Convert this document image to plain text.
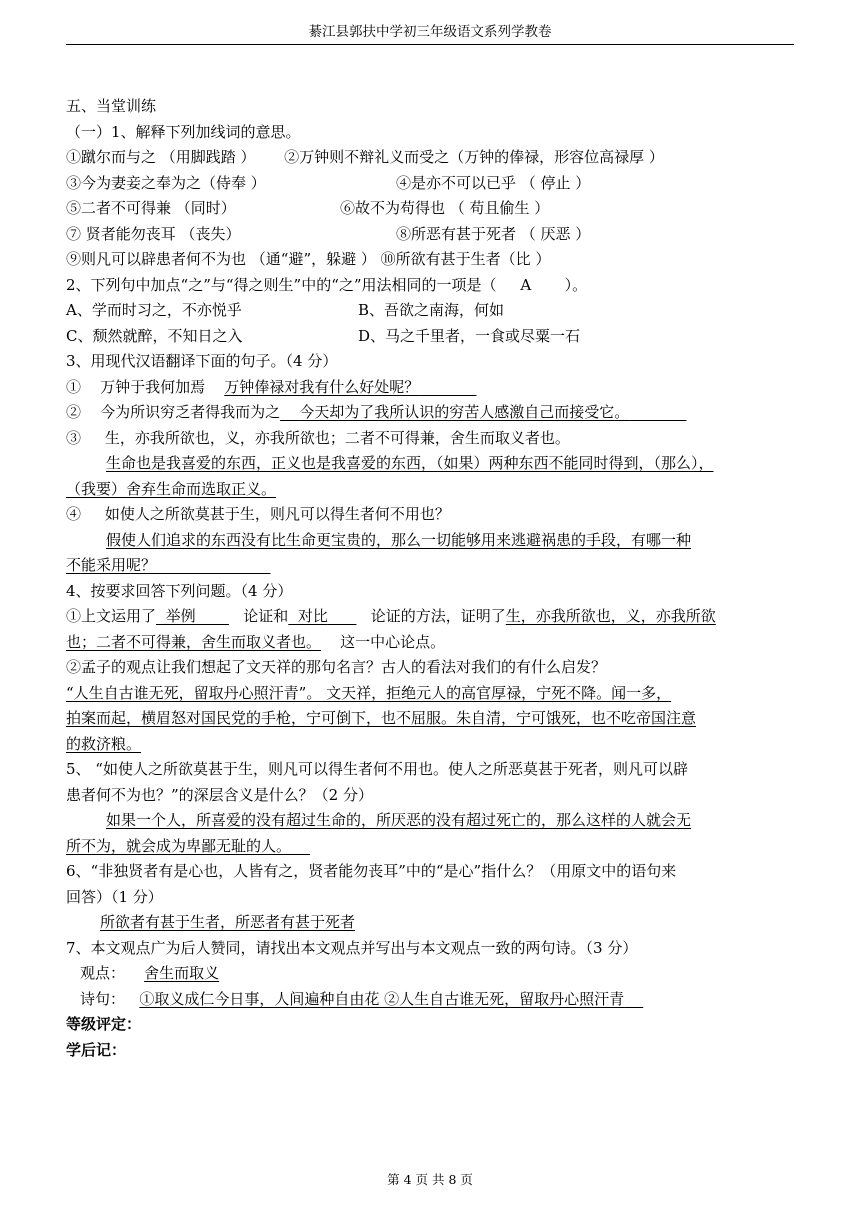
綦江县郭扶中学初三年级语文系列学教卷
五、当堂训练
（一）1、解释下列加线词的意思。
①蹴尔而与之 （用脚践踏 ） ②万钟则不辩礼义而受之（万钟的俸禄，形容位高禄厚 ）
③今为妻妾之奉为之（侍奉 ）	④是亦不可以已乎 （ 停止 ）
⑤二者不可得兼 （同时）	⑥故不为苟得也 （ 苟且偷生 ）
⑦ 贤者能勿丧耳 （丧失）	⑧所恶有甚于死者 （ 厌恶 ）
⑨则凡可以辟患者何不为也 （通“避”，躲避 ） ⑩所欲有甚于生者（比 ）
2、下列句中加点“之”与“得之则生”中的“之”用法相同的一项是（ A ）。
A、学而时习之，不亦悦乎	B、吾欲之南海，何如
C、颓然就醉，不知日之入	D、马之千里者，一食或尽粟一石
3、用现代汉语翻译下面的句子。（4 分）
① 万钟于我何加焉 万钟俸禄对我有什么好处呢？
② 今为所识穷乏者得我而为之 今天却为了我所认识的穷苦人感激自己而接受它。
③ 生，亦我所欲也，义，亦我所欲也；二者不可得兼，舍生而取义者也。
生命也是我喜爱的东西，正义也是我喜爱的东西，（如果）两种东西不能同时得到，（那么），
（我要）舍弃生命而选取正义。
④ 如使人之所欲莫甚于生，则凡可以得生者何不用也？
假使人们追求的东西没有比生命更宝贵的，那么一切能够用来逃避祸患的手段，有哪一种
不能采用呢？
4、按要求回答下列问题。（4 分）
①上文运用了 举例	论证和 对比	论证的方法，证明了生，亦我所欲也，义，亦我所欲
也；二者不可得兼，舍生而取义者也。 这一中心论点。
②孟子的观点让我们想起了文天祥的那句名言？古人的看法对我们的有什么启发？
“人生自古谁无死，留取丹心照汗青”。 文天祥，拒绝元人的高官厚禄，宁死不降。闻一多，
拍案而起，横眉怒对国民党的手枪，宁可倒下，也不屈服。朱自清，宁可饿死，也不吃帝国注意
的救济粮。
5、 “如使人之所欲莫甚于生，则凡可以得生者何不用也。使人之所恶莫甚于死者，则凡可以辟
患者何不为也？”的深层含义是什么？（2 分）
如果一个人，所喜爱的没有超过生命的，所厌恶的没有超过死亡的，那么这样的人就会无
所不为，就会成为卑鄙无耻的人。
6、“非独贤者有是心也，人皆有之，贤者能勿丧耳”中的“是心”指什么？（用原文中的语句来
回答）（1 分）
所欲者有甚于生者，所恶者有甚于死者
7、本文观点广为后人赞同，请找出本文观点并写出与本文观点一致的两句诗。（3 分）
观点： 舍生而取义
诗句： ①取义成仁今日事，人间遍种自由花 ②人生自古谁无死，留取丹心照汗青
等级评定：
学后记：
第 4 页 共 8 页
